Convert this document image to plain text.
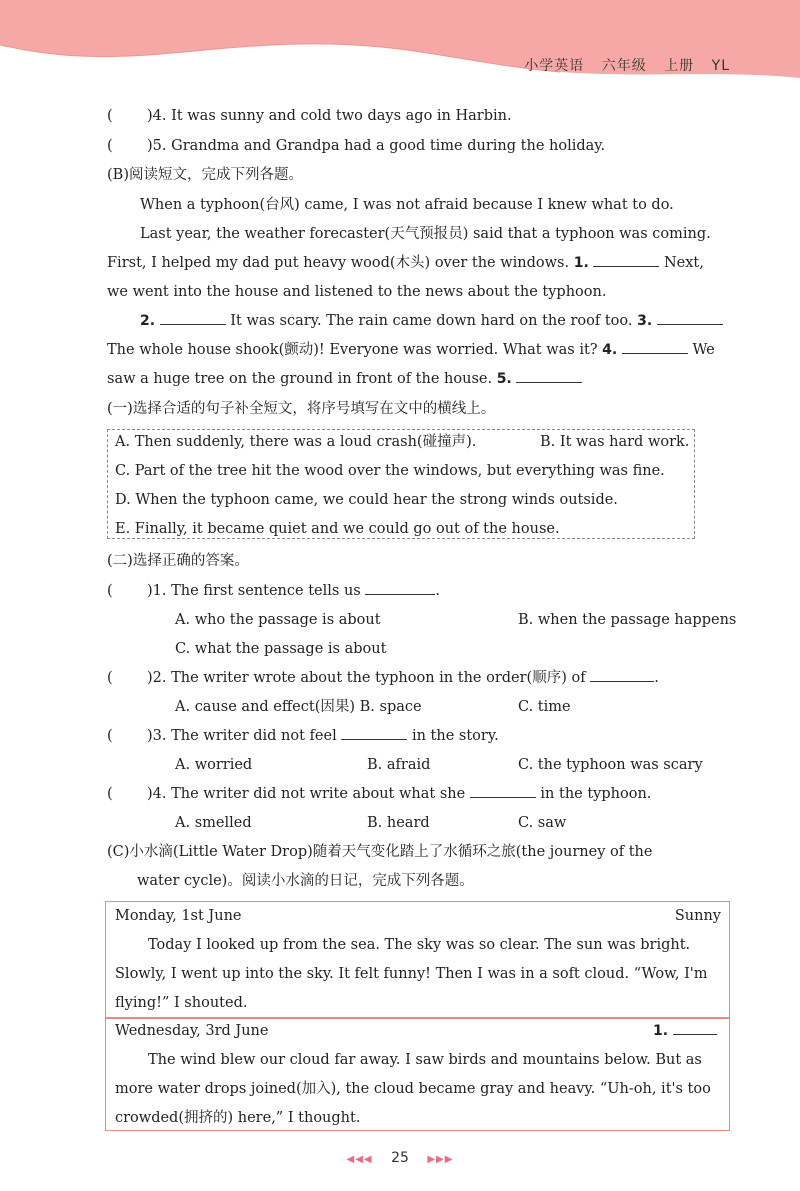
小学英语 六年级 上册 YL
( )4. It was sunny and cold two days ago in Harbin.
( )5. Grandma and Grandpa had a good time during the holiday.
(B)阅读短文，完成下列各题。
When a typhoon(台风) came, I was not afraid because I knew what to do.
Last year, the weather forecaster(天气预报员) said that a typhoon was coming.
First, I helped my dad put heavy wood(木头) over the windows. 1.	Next,
we went into the house and listened to the news about the typhoon.
2.	It was scary. The rain came down hard on the roof too. 3.
The whole house shook(颤动)! Everyone was worried. What was it? 4.	We
saw a huge tree on the ground in front of the house. 5.
(一)选择合适的句子补全短文，将序号填写在文中的横线上。
A. Then suddenly, there was a loud crash(碰撞声).	B. It was hard work.
C. Part of the tree hit the wood over the windows, but everything was fine.
D. When the typhoon came, we could hear the strong winds outside.
E. Finally, it became quiet and we could go out of the house.
(二)选择正确的答案。
( )1. The first sentence tells us	.
A. who the passage is about	B. when the passage happens
C. what the passage is about
( )2. The writer wrote about the typhoon in the order(顺序) of	.
A. cause and effect(因果) B. space	C. time
( )3. The writer did not feel	in the story.
A. worried	B. afraid	C. the typhoon was scary
( )4. The writer did not write about what she	in the typhoon.
A. smelled	B. heard	C. saw
(C)小水滴(Little Water Drop)随着天气变化踏上了水循环之旅(the journey of the
water cycle)。阅读小水滴的日记，完成下列各题。
Monday, 1st June	Sunny
Today I looked up from the sea. The sky was so clear. The sun was bright.
Slowly, I went up into the sky. It felt funny! Then I was in a soft cloud. “Wow, I'm
flying!” I shouted.
Wednesday, 3rd June	1.
The wind blew our cloud far away. I saw birds and mountains below. But as
more water drops joined(加入), the cloud became gray and heavy. “Uh-oh, it's too
crowded(拥挤的) here,” I thought.
◀◀◀ 25 ▶▶▶
